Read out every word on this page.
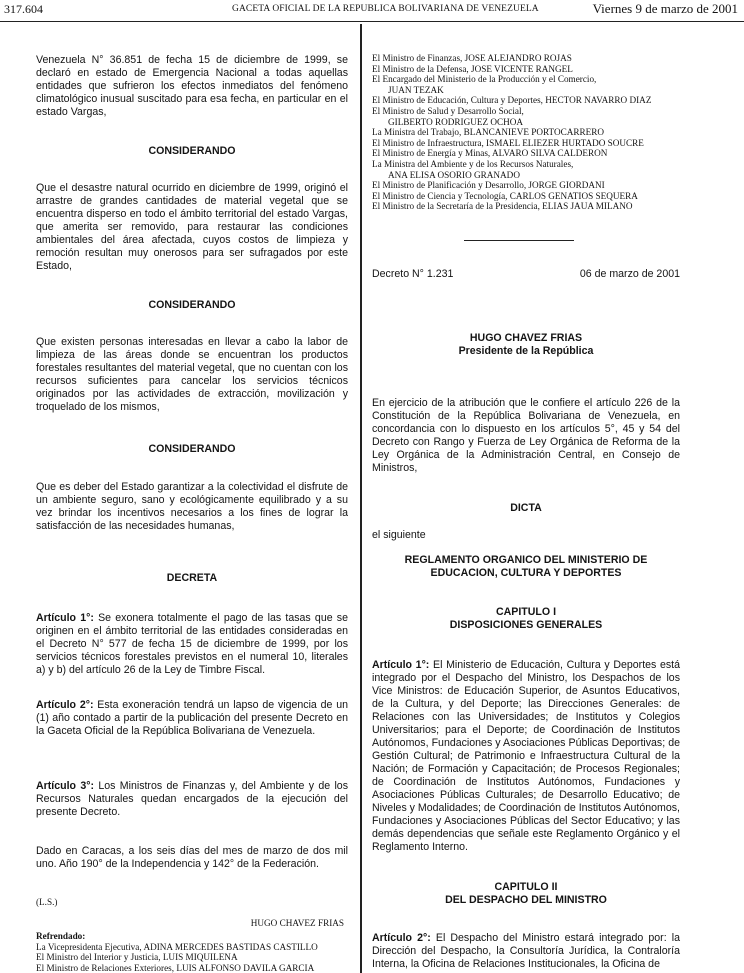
317.604	GACETA OFICIAL DE LA REPUBLICA BOLIVARIANA DE VENEZUELA	Viernes 9 de marzo de 2001

Venezuela N° 36.851 de fecha 15 de diciembre de 1999, se declaró en estado de Emergencia Nacional a todas aquellas entidades que sufrieron los efectos inmediatos del fenómeno climatológico inusual suscitado para esa fecha, en particular en el estado Vargas,

CONSIDERANDO

Que el desastre natural ocurrido en diciembre de 1999, originó el arrastre de grandes cantidades de material vegetal que se encuentra disperso en todo el ámbito territorial del estado Vargas, que amerita ser removido, para restaurar las condiciones ambientales del área afectada, cuyos costos de limpieza y remoción resultan muy onerosos para ser sufragados por este Estado,

CONSIDERANDO

Que existen personas interesadas en llevar a cabo la labor de limpieza de las áreas donde se encuentran los productos forestales resultantes del material vegetal, que no cuentan con los recursos suficientes para cancelar los servicios técnicos originados por las actividades de extracción, movilización y troquelado de los mismos,

CONSIDERANDO

Que es deber del Estado garantizar a la colectividad el disfrute de un ambiente seguro, sano y ecológicamente equilibrado y a su vez brindar los incentivos necesarios a los fines de lograr la satisfacción de las necesidades humanas,

DECRETA

Artículo 1°: Se exonera totalmente el pago de las tasas que se originen en el ámbito territorial de las entidades consideradas en el Decreto N° 577 de fecha 15 de diciembre de 1999, por los servicios técnicos forestales previstos en el numeral 10, literales a) y b) del artículo 26 de la Ley de Timbre Fiscal.

Artículo 2°: Esta exoneración tendrá un lapso de vigencia de un (1) año contado a partir de la publicación del presente Decreto en la Gaceta Oficial de la República Bolivariana de Venezuela.

Artículo 3°: Los Ministros de Finanzas y, del Ambiente y de los Recursos Naturales quedan encargados de la ejecución del presente Decreto.

Dado en Caracas, a los seis días del mes de marzo de dos mil uno. Año 190° de la Independencia y 142° de la Federación.

(L.S.)
HUGO CHAVEZ FRIAS
Refrendado:
La Vicepresidenta Ejecutiva, ADINA MERCEDES BASTIDAS CASTILLO
El Ministro del Interior y Justicia, LUIS MIQUILENA
El Ministro de Relaciones Exteriores, LUIS ALFONSO DAVILA GARCIA
El Ministro de Finanzas, JOSE ALEJANDRO ROJAS
El Ministro de la Defensa, JOSE VICENTE RANGEL
El Encargado del Ministerio de la Producción y el Comercio,
JUAN TEZAK
El Ministro de Educación, Cultura y Deportes, HECTOR NAVARRO DIAZ
El Ministro de Salud y Desarrollo Social,
GILBERTO RODRIGUEZ OCHOA
La Ministra del Trabajo, BLANCANIEVE PORTOCARRERO
El Ministro de Infraestructura, ISMAEL ELIEZER HURTADO SOUCRE
El Ministro de Energía y Minas, ALVARO SILVA CALDERON
La Ministra del Ambiente y de los Recursos Naturales,
ANA ELISA OSORIO GRANADO
El Ministro de Planificación y Desarrollo, JORGE GIORDANI
El Ministro de Ciencia y Tecnología, CARLOS GENATIOS SEQUERA
El Ministro de la Secretaría de la Presidencia, ELIAS JAUA MILANO
Decreto N° 1.231	06 de marzo de 2001
HUGO CHAVEZ FRIAS
Presidente de la República

En ejercicio de la atribución que le confiere el artículo 226 de la Constitución de la República Bolivariana de Venezuela, en concordancia con lo dispuesto en los artículos 5°, 45 y 54 del Decreto con Rango y Fuerza de Ley Orgánica de Reforma de la Ley Orgánica de la Administración Central, en Consejo de Ministros,

DICTA
el siguiente
REGLAMENTO ORGANICO DEL MINISTERIO DE
EDUCACION, CULTURA Y DEPORTES
CAPITULO I
DISPOSICIONES GENERALES

Artículo 1°: El Ministerio de Educación, Cultura y Deportes está integrado por el Despacho del Ministro, los Despachos de los Vice Ministros: de Educación Superior, de Asuntos Educativos, de la Cultura, y del Deporte; las Direcciones Generales: de Relaciones con las Universidades; de Institutos y Colegios Universitarios; para el Deporte; de Coordinación de Institutos Autónomos, Fundaciones y Asociaciones Públicas Deportivas; de Gestión Cultural; de Patrimonio e Infraestructura Cultural de la Nación; de Formación y Capacitación; de Procesos Regionales; de Coordinación de Institutos Autónomos, Fundaciones y Asociaciones Públicas Culturales; de Desarrollo Educativo; de Niveles y Modalidades; de Coordinación de Institutos Autónomos, Fundaciones y Asociaciones Públicas del Sector Educativo; y las demás dependencias que señale este Reglamento Orgánico y el Reglamento Interno.

CAPITULO II
DEL DESPACHO DEL MINISTRO

Artículo 2°: El Despacho del Ministro estará integrado por: la Dirección del Despacho, la Consultoría Jurídica, la Contraloría Interna, la Oficina de Relaciones Institucionales, la Oficina de
